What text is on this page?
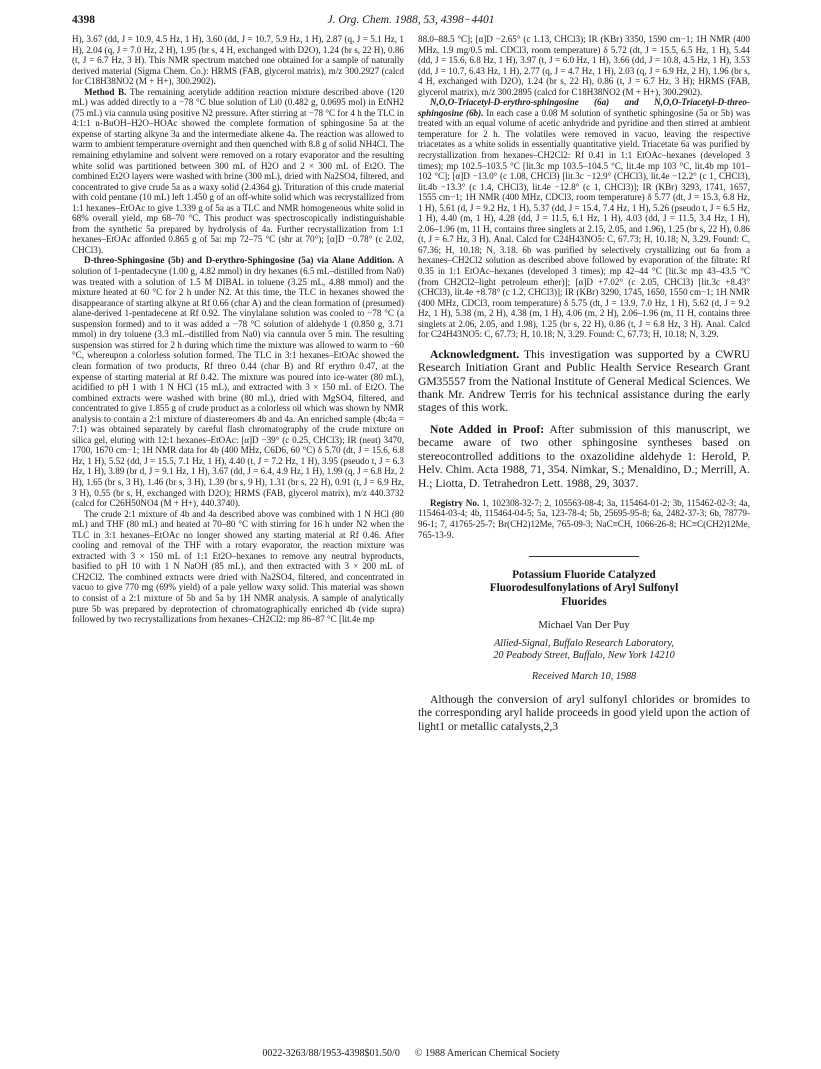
4398	J. Org. Chem. 1988, 53, 4398−4401

H), 3.67 (dd, J = 10.9, 4.5 Hz, 1 H), 3.60 (dd, J = 10.7, 5.9 Hz, 1 H), 2.87 (q, J = 5.1 Hz, 1 H), 2.04 (q, J = 7.0 Hz, 2 H), 1.95 (br s, 4 H, exchanged with D2O), 1.24 (br s, 22 H), 0.86 (t, J = 6.7 Hz, 3 H). This NMR spectrum matched one obtained for a sample of naturally derived material (Sigma Chem. Co.): HRMS (FAB, glycerol matrix), m/z 300.2927 (calcd for C18H38NO2 (M + H+), 300.2902).

Method B. The remaining acetylide addition reaction mixture described above (120 mL) was added directly to a −78 °C blue solution of Li0 (0.482 g, 0.0695 mol) in EtNH2 (75 mL) via cannula using positive N2 pressure. After stirring at −78 °C for 4 h the TLC in 4:1:1 n-BuOH–H2O–HOAc showed the complete formation of sphingosine 5a at the expense of starting alkyne 3a and the intermediate alkene 4a. The reaction was allowed to warm to ambient temperature overnight and then quenched with 8.8 g of solid NH4Cl. The remaining ethylamine and solvent were removed on a rotary evaporator and the resulting white solid was partitioned between 300 mL of H2O and 2 × 300 mL of Et2O. The combined Et2O layers were washed with brine (300 mL), dried with Na2SO4, filtered, and concentrated to give crude 5a as a waxy solid (2.4364 g). Trituration of this crude material with cold pentane (10 mL) left 1.450 g of an off-white solid which was recrystallized from 1:1 hexanes–EtOAc to give 1.339 g of 5a as a TLC and NMR homogeneous white solid in 68% overall yield, mp 68–70 °C. This product was spectroscopically indistinguishable from the synthetic 5a prepared by hydrolysis of 4a. Further recrystallization from 1:1 hexanes–EtOAc afforded 0.865 g of 5a: mp 72–75 °C (shr at 70°); [α]D −0.78° (c 2.02, CHCl3).

D-threo-Sphingosine (5b) and D-erythro-Sphingosine (5a) via Alane Addition. A solution of 1-pentadecyne (1.00 g, 4.82 mmol) in dry hexanes (6.5 mL–distilled from Na0) was treated with a solution of 1.5 M DIBAL in toluene (3.25 mL, 4.88 mmol) and the mixture heated at 60 °C for 2 h under N2. At this time, the TLC in hexanes showed the disappearance of starting alkyne at Rf 0.66 (char A) and the clean formation of (presumed) alane-derived 1-pentadecene at Rf 0.92. The vinylalane solution was cooled to −78 °C (a suspension formed) and to it was added a −78 °C solution of aldehyde 1 (0.850 g, 3.71 mmol) in dry toluene (3.3 mL–distilled from Na0) via cannula over 5 min. The resulting suspension was stirred for 2 h during which time the mixture was allowed to warm to −60 °C, whereupon a colorless solution formed. The TLC in 3:1 hexanes–EtOAc showed the clean formation of two products, Rf threo 0.44 (char B) and Rf erythro 0.47, at the expense of starting material at Rf 0.42. The mixture was poured into ice-water (80 mL), acidified to pH 1 with 1 N HCl (15 mL), and extracted with 3 × 150 mL of Et2O. The combined extracts were washed with brine (80 mL), dried with MgSO4, filtered, and concentrated to give 1.855 g of crude product as a colorless oil which was shown by NMR analysis to contain a 2:1 mixture of diastereomers 4b and 4a. An enriched sample (4b:4a = 7:1) was obtained separately by careful flash chromatography of the crude mixture on silica gel, eluting with 12:1 hexanes–EtOAc: [α]D −39° (c 0.25, CHCl3); IR (neat) 3470, 1700, 1670 cm−1; 1H NMR data for 4b (400 MHz, C6D6, 60 °C) δ 5.70 (dt, J = 15.6, 6.8 Hz, 1 H), 5.52 (dd, J = 15.5, 7.1 Hz, 1 H), 4.40 (t, J = 7.2 Hz, 1 H), 3.95 (pseudo t, J = 6.3 Hz, 1 H), 3.89 (br d, J = 9.1 Hz, 1 H), 3.67 (dd, J = 6.4, 4.9 Hz, 1 H), 1.99 (q, J = 6.8 Hz, 2 H), 1.65 (br s, 3 H), 1.46 (br s, 3 H), 1.39 (br s, 9 H), 1.31 (br s, 22 H), 0.91 (t, J = 6.9 Hz, 3 H), 0.55 (br s, H, exchanged with D2O); HRMS (FAB, glycerol matrix), m/z 440.3732 (calcd for C26H50NO4 (M + H+), 440.3740).

The crude 2:1 mixture of 4b and 4a described above was combined with 1 N HCl (80 mL) and THF (80 mL) and heated at 70–80 °C with stirring for 16 h under N2 when the TLC in 3:1 hexanes–EtOAc no longer showed any starting material at Rf 0.46. After cooling and removal of the THF with a rotary evaporator, the reaction mixture was extracted with 3 × 150 mL of 1:1 Et2O–hexanes to remove any neutral byproducts, basified to pH 10 with 1 N NaOH (85 mL), and then extracted with 3 × 200 mL of CH2Cl2. The combined extracts were dried with Na2SO4, filtered, and concentrated in vacuo to give 770 mg (69% yield) of a pale yellow waxy solid. This material was shown to consist of a 2:1 mixture of 5b and 5a by 1H NMR analysis. A sample of analytically pure 5b was prepared by deprotection of chromatographically enriched 4b (vide supra) followed by two recrystallizations from hexanes–CH2Cl2: mp 86–87 °C [lit.4e mp

88.0–88.5 °C]; [α]D −2.65° (c 1.13, CHCl3); IR (KBr) 3350, 1590 cm−1; 1H NMR (400 MHz, 1.9 mg/0.5 mL CDCl3, room temperature) δ 5.72 (dt, J = 15.5, 6.5 Hz, 1 H), 5.44 (dd, J = 15.6, 6.8 Hz, 1 H), 3.97 (t, J = 6.0 Hz, 1 H), 3.66 (dd, J = 10.8, 4.5 Hz, 1 H), 3.53 (dd, J = 10.7, 6.43 Hz, 1 H), 2.77 (q, J = 4.7 Hz, 1 H), 2.03 (q, J = 6.9 Hz, 2 H), 1.96 (br s, 4 H, exchanged with D2O), 1.24 (br s, 22 H), 0.86 (t, J = 6.7 Hz, 3 H); HRMS (FAB, glycerol matrix), m/z 300.2895 (calcd for C18H38NO2 (M + H+), 300.2902).

N,O,O-Triacetyl-D-erythro-sphingosine (6a) and N,O,O-Triacetyl-D-threo-sphingosine (6b). In each case a 0.08 M solution of synthetic sphingosine (5a or 5b) was treated with an equal volume of acetic anhydride and pyridine and then stirred at ambient temperature for 2 h. The volatiles were removed in vacuo, leaving the respective triacetates as a white solids in essentially quantitative yield. Triacetate 6a was purified by recrystallization from hexanes–CH2Cl2: Rf 0.41 in 1:1 EtOAc–hexanes (developed 3 times); mp 102.5–103.5 °C [lit.3c mp 103.5–104.5 °C, lit.4e mp 103 °C, lit.4b mp 101–102 °C]; [α]D −13.0° (c 1.08, CHCl3) [lit.3c −12.9° (CHCl3), lit.4e −12.2° (c 1, CHCl3), lit.4b −13.3° (c 1.4, CHCl3), lit.4e −12.8° (c 1, CHCl3)]; IR (KBr) 3293, 1741, 1657, 1555 cm−1; 1H NMR (400 MHz, CDCl3, room temperature) δ 5.77 (dt, J = 15.3, 6.8 Hz, 1 H), 5.61 (d, J = 9.2 Hz, 1 H), 5.37 (dd, J = 15.4, 7.4 Hz, 1 H), 5.26 (pseudo t, J = 6.5 Hz, 1 H), 4.40 (m, 1 H), 4.28 (dd, J = 11.5, 6.1 Hz, 1 H), 4.03 (dd, J = 11.5, 3.4 Hz, 1 H), 2.06–1.96 (m, 11 H, contains three singlets at 2.15, 2.05, and 1.96), 1.25 (br s, 22 H), 0.86 (t, J = 6.7 Hz, 3 H). Anal. Calcd for C24H43NO5: C, 67.73; H, 10.18; N, 3.29. Found: C, 67.36; H, 10.18; N, 3.18. 6b was purified by selectively crystallizing out 6a from a hexanes–CH2Cl2 solution as described above followed by evaporation of the filtrate: Rf 0.35 in 1:1 EtOAc–hexanes (developed 3 times); mp 42–44 °C [lit.3c mp 43–43.5 °C (from CH2Cl2–light petroleum ether)]; [α]D +7.02° (c 2.05, CHCl3) [lit.3c +8.43° (CHCl3), lit.4e +8.78° (c 1.2, CHCl3)]; IR (KBr) 3290, 1745, 1650, 1550 cm−1; 1H NMR (400 MHz, CDCl3, room temperature) δ 5.75 (dt, J = 13.9, 7.0 Hz, 1 H), 5.62 (d, J = 9.2 Hz, 1 H), 5.38 (m, 2 H), 4.38 (m, 1 H), 4.06 (m, 2 H), 2.06–1.96 (m, 11 H, contains three singlets at 2.06, 2.05, and 1.98), 1.25 (br s, 22 H), 0.86 (t, J = 6.8 Hz, 3 H). Anal. Calcd for C24H43NO5: C, 67.73; H, 10.18; N, 3.29. Found: C, 67.73; H, 10.18; N, 3.29.

Acknowledgment. This investigation was supported by a CWRU Research Initiation Grant and Public Health Service Research Grant GM35557 from the National Institute of General Medical Sciences. We thank Mr. Andrew Terris for his technical assistance during the early stages of this work.

Note Added in Proof: After submission of this manuscript, we became aware of two other sphingosine syntheses based on stereocontrolled additions to the oxazolidine aldehyde 1: Herold, P. Helv. Chim. Acta 1988, 71, 354. Nimkar, S.; Menaldino, D.; Merrill, A. H.; Liotta, D. Tetrahedron Lett. 1988, 29, 3037.

Registry No. 1, 102308-32-7; 2, 105563-08-4; 3a, 115464-01-2; 3b, 115462-02-3; 4a, 115464-03-4; 4b, 115464-04-5; 5a, 123-78-4; 5b, 25695-95-8; 6a, 2482-37-3; 6b, 78779-96-1; 7, 41765-25-7; Br(CH2)12Me, 765-09-3; NaC≡CH, 1066-26-8; HC≡C(CH2)12Me, 765-13-9.

Potassium Fluoride Catalyzed

Fluorodesulfonylations of Aryl Sulfonyl

Fluorides

Michael Van Der Puy
Allied-Signal, Buffalo Research Laboratory,
20 Peabody Street, Buffalo, New York 14210
Received March 10, 1988

Although the conversion of aryl sulfonyl chlorides or bromides to the corresponding aryl halide proceeds in good yield upon the action of light1 or metallic catalysts,2,3

0022-3263/88/1953-4398$01.50/0 © 1988 American Chemical Society
